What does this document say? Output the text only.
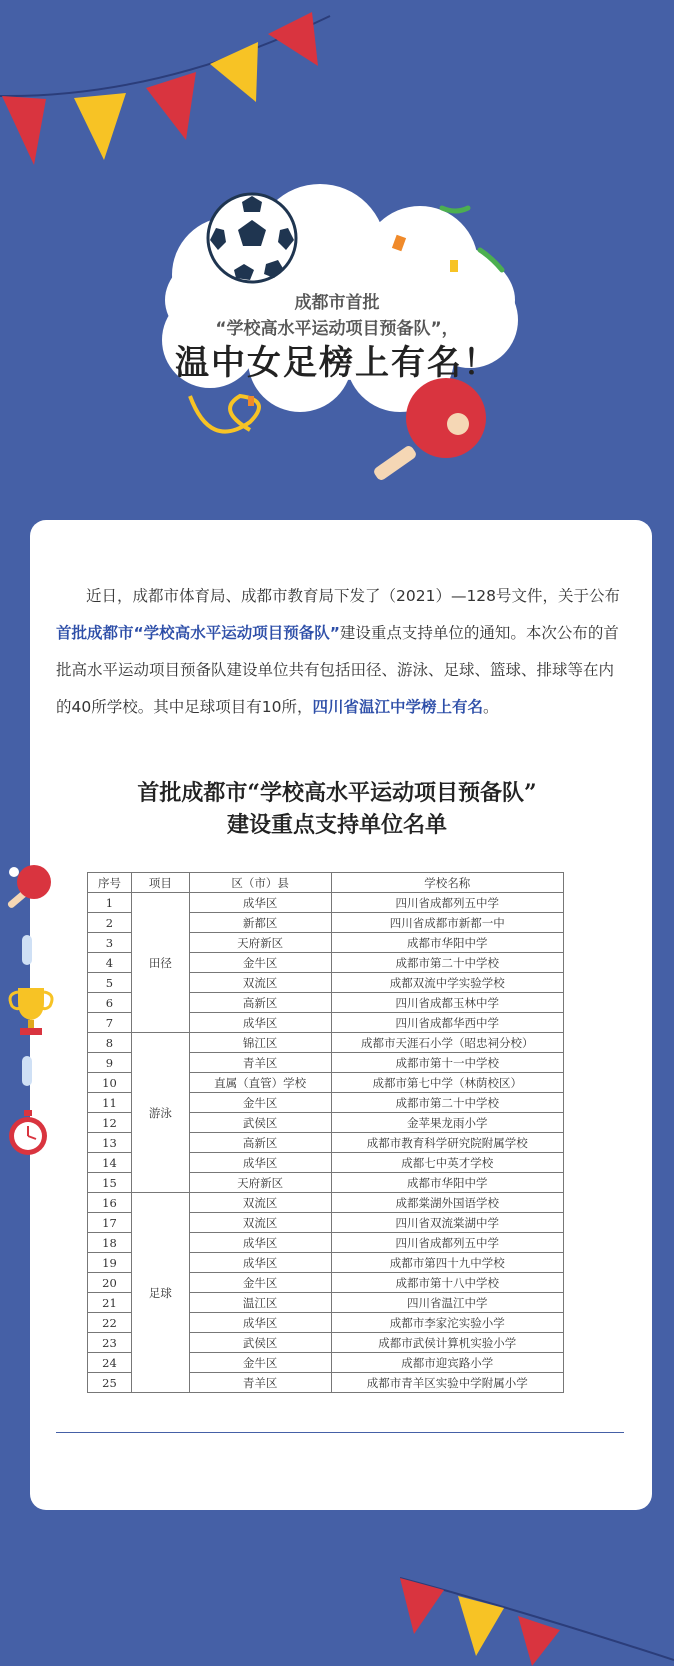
成都市首批
“学校高水平运动项目预备队”，
温中女足榜上有名！

近日，成都市体育局、成都市教育局下发了（2021）—128号文件，关于公布首批成都市“学校高水平运动项目预备队”建设重点支持单位的通知。本次公布的首批高水平运动项目预备队建设单位共有包括田径、游泳、足球、篮球、排球等在内的40所学校。其中足球项目有10所，四川省温江中学榜上有名。

首批成都市“学校高水平运动项目预备队”
建设重点支持单位名单
序号	项目	区（市）县	学校名称
1	田径	成华区	四川省成都列五中学
2		新都区	四川省成都市新都一中
3		天府新区	成都市华阳中学
4		金牛区	成都市第二十中学校
5		双流区	成都双流中学实验学校
6		高新区	四川省成都玉林中学
7		成华区	四川省成都华西中学
8	游泳	锦江区	成都市天涯石小学（昭忠祠分校）
9		青羊区	成都市第十一中学校
10		直属（直管）学校	成都市第七中学（林荫校区）
11		金牛区	成都市第二十中学校
12		武侯区	金苹果龙雨小学
13		高新区	成都市教育科学研究院附属学校
14		成华区	成都七中英才学校
15		天府新区	成都市华阳中学
16	足球	双流区	成都棠湖外国语学校
17		双流区	四川省双流棠湖中学
18		成华区	四川省成都列五中学
19		成华区	成都市第四十九中学校
20		金牛区	成都市第十八中学校
21		温江区	四川省温江中学
22		成华区	成都市李家沱实验小学
23		武侯区	成都市武侯计算机实验小学
24		金牛区	成都市迎宾路小学
25		青羊区	成都市青羊区实验中学附属小学
